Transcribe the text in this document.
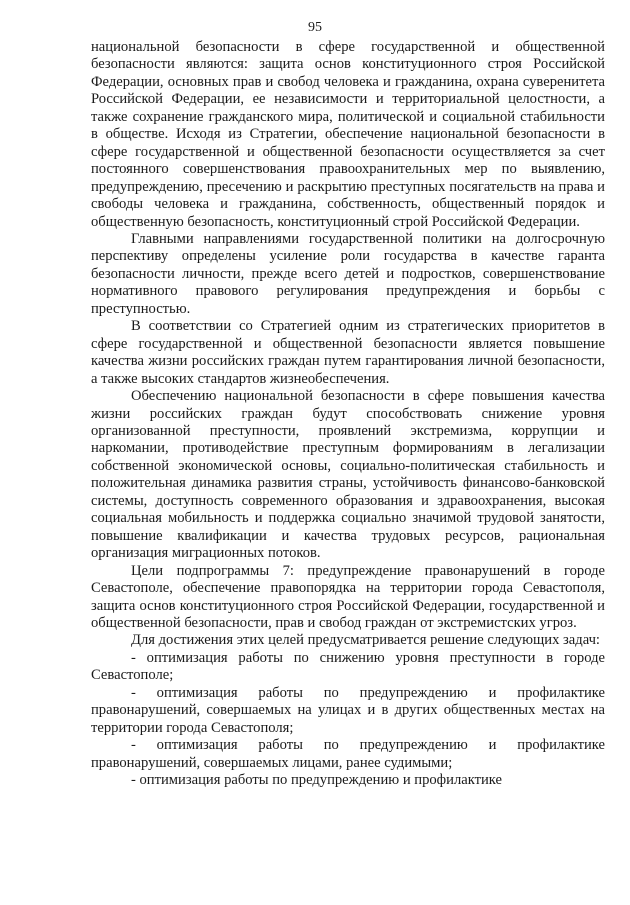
95

национальной безопасности в сфере государственной и общественной безопасности являются: защита основ конституционного строя Российской Федерации, основных прав и свобод человека и гражданина, охрана суверенитета Российской Федерации, ее независимости и территориальной целостности, а также сохранение гражданского мира, политической и социальной стабильности в обществе. Исходя из Стратегии, обеспечение национальной безопасности в сфере государственной и общественной безопасности осуществляется за счет постоянного совершенствования правоохранительных мер по выявлению, предупреждению, пресечению и раскрытию преступных посягательств на права и свободы человека и гражданина, собственность, общественный порядок и общественную безопасность, конституционный строй Российской Федерации.

Главными направлениями государственной политики на долгосрочную перспективу определены усиление роли государства в качестве гаранта безопасности личности, прежде всего детей и подростков, совершенствование нормативного правового регулирования предупреждения и борьбы с преступностью.

В соответствии со Стратегией одним из стратегических приоритетов в сфере государственной и общественной безопасности является повышение качества жизни российских граждан путем гарантирования личной безопасности, а также высоких стандартов жизнеобеспечения.

Обеспечению национальной безопасности в сфере повышения качества жизни российских граждан будут способствовать снижение уровня организованной преступности, проявлений экстремизма, коррупции и наркомании, противодействие преступным формированиям в легализации собственной экономической основы, социально-политическая стабильность и положительная динамика развития страны, устойчивость финансово-банковской системы, доступность современного образования и здравоохранения, высокая социальная мобильность и поддержка социально значимой трудовой занятости, повышение квалификации и качества трудовых ресурсов, рациональная организация миграционных потоков.

Цели подпрограммы 7: предупреждение правонарушений в городе Севастополе, обеспечение правопорядка на территории города Севастополя, защита основ конституционного строя Российской Федерации, государственной и общественной безопасности, прав и свобод граждан от экстремистских угроз.

Для достижения этих целей предусматривается решение следующих задач:

- оптимизация работы по снижению уровня преступности в городе Севастополе;

- оптимизация работы по предупреждению и профилактике правонарушений, совершаемых на улицах и в других общественных местах на территории города Севастополя;

- оптимизация работы по предупреждению и профилактике правонарушений, совершаемых лицами, ранее судимыми;

- оптимизация работы по предупреждению и профилактике
